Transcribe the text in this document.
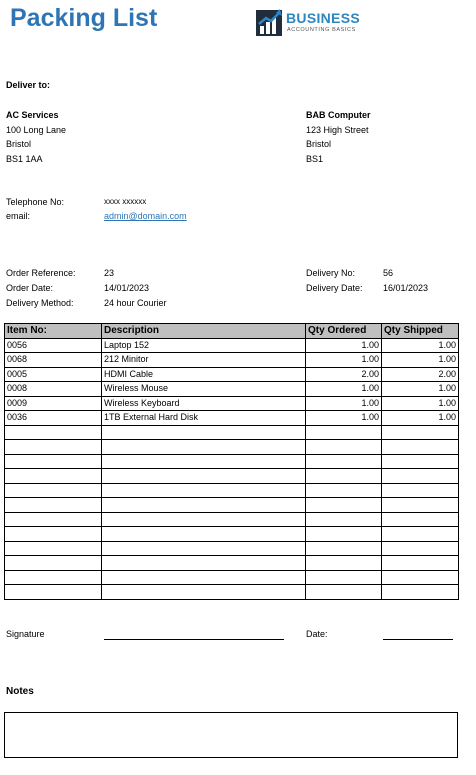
Packing List	BUSINESS
ACCOUNTING BASICS
Deliver to:
AC Services
100 Long Lane
Bristol
BS1 1AA
BAB Computer
123 High Street
Bristol
BS1
Telephone No:	xxxx xxxxxx
email:	admin@domain.com
Order Reference:	23
Order Date:	14/01/2023
Delivery Method:	24 hour Courier
Delivery No:	56
Delivery Date: 16/01/2023
Item No:	Description	Qty Ordered	Qty Shipped
0056	Laptop 152	1.00	1.00
0068	212 Minitor	1.00	1.00
0005	HDMI Cable	2.00	2.00
0008	Wireless Mouse	1.00	1.00
0009	Wireless Keyboard	1.00	1.00
0036	1TB External Hard Disk	1.00	1.00

Signature	Date:
Notes
